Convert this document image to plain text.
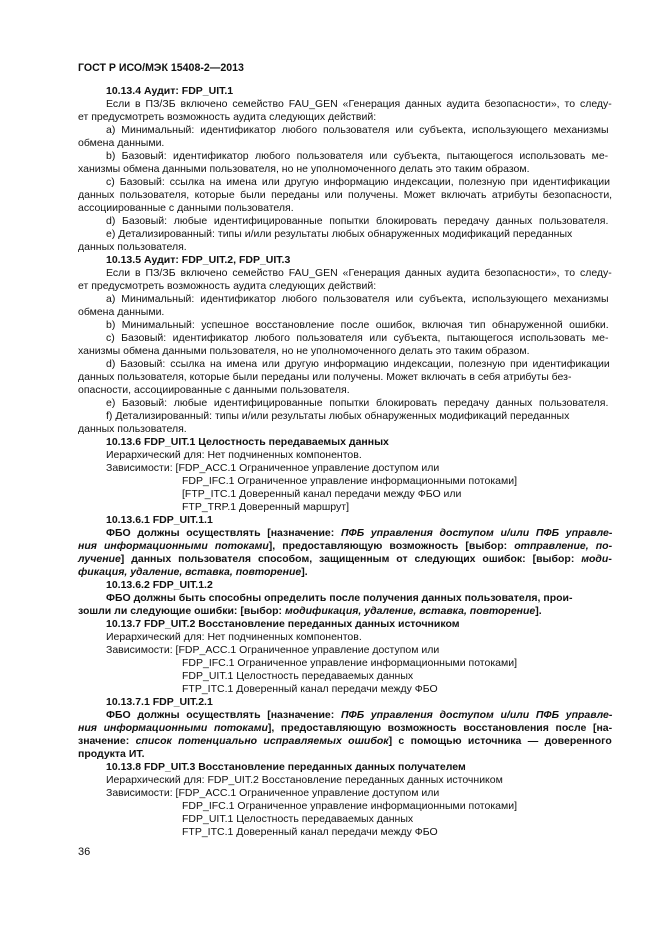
ГОСТ Р ИСО/МЭК 15408-2—2013
10.13.4 Аудит: FDP_UIT.1
Если в ПЗ/ЗБ включено семейство FAU_GEN «Генерация данных аудита безопасности», то следу-
ет предусмотреть возможность аудита следующих действий:
a) Минимальный: идентификатор любого пользователя или субъекта, использующего механизмы
обмена данными.
b) Базовый: идентификатор любого пользователя или субъекта, пытающегося использовать ме-
ханизмы обмена данными пользователя, но не уполномоченного делать это таким образом.
c) Базовый: ссылка на имена или другую информацию индексации, полезную при идентификации
данных пользователя, которые были переданы или получены. Может включать атрибуты безопасности,
ассоциированные с данными пользователя.
d) Базовый: любые идентифицированные попытки блокировать передачу данных пользователя.
e) Детализированный: типы и/или результаты любых обнаруженных модификаций переданных
данных пользователя.
10.13.5 Аудит: FDP_UIT.2, FDP_UIT.3
Если в ПЗ/ЗБ включено семейство FAU_GEN «Генерация данных аудита безопасности», то следу-
ет предусмотреть возможность аудита следующих действий:
a) Минимальный: идентификатор любого пользователя или субъекта, использующего механизмы
обмена данными.
b) Минимальный: успешное восстановление после ошибок, включая тип обнаруженной ошибки.
c) Базовый: идентификатор любого пользователя или субъекта, пытающегося использовать ме-
ханизмы обмена данными пользователя, но не уполномоченного делать это таким образом.
d) Базовый: ссылка на имена или другую информацию индексации, полезную при идентификации
данных пользователя, которые были переданы или получены. Может включать в себя атрибуты без-
опасности, ассоциированные с данными пользователя.
e) Базовый: любые идентифицированные попытки блокировать передачу данных пользователя.
f) Детализированный: типы и/или результаты любых обнаруженных модификаций переданных
данных пользователя.
10.13.6 FDP_UIT.1 Целостность передаваемых данных
Иерархический для: Нет подчиненных компонентов.
Зависимости: [FDP_ACC.1 Ограниченное управление доступом или
FDP_IFC.1 Ограниченное управление информационными потоками]
[FTP_ITC.1 Доверенный канал передачи между ФБО или
FTP_TRP.1 Доверенный маршрут]
10.13.6.1 FDP_UIT.1.1
ФБО должны осуществлять [назначение: ПФБ управления доступом и/или ПФБ управле-
ния информационными потоками], предоставляющую возможность [выбор: отправление, по-
лучение] данных пользователя способом, защищенным от следующих ошибок: [выбор: моди-
фикация, удаление, вставка, повторение].
10.13.6.2 FDP_UIT.1.2
ФБО должны быть способны определить после получения данных пользователя, прои-
зошли ли следующие ошибки: [выбор: модификация, удаление, вставка, повторение].
10.13.7 FDP_UIT.2 Восстановление переданных данных источником
Иерархический для: Нет подчиненных компонентов.
Зависимости: [FDP_ACC.1 Ограниченное управление доступом или
FDP_IFC.1 Ограниченное управление информационными потоками]
FDP_UIT.1 Целостность передаваемых данных
FTP_ITC.1 Доверенный канал передачи между ФБО
10.13.7.1 FDP_UIT.2.1
ФБО должны осуществлять [назначение: ПФБ управления доступом и/или ПФБ управле-
ния информационными потоками], предоставляющую возможность восстановления после [на-
значение: список потенциально исправляемых ошибок] с помощью источника — доверенного
продукта ИТ.
10.13.8 FDP_UIT.3 Восстановление переданных данных получателем
Иерархический для: FDP_UIT.2 Восстановление переданных данных источником
Зависимости: [FDP_ACC.1 Ограниченное управление доступом или
FDP_IFC.1 Ограниченное управление информационными потоками]
FDP_UIT.1 Целостность передаваемых данных
FTP_ITC.1 Доверенный канал передачи между ФБО
36
